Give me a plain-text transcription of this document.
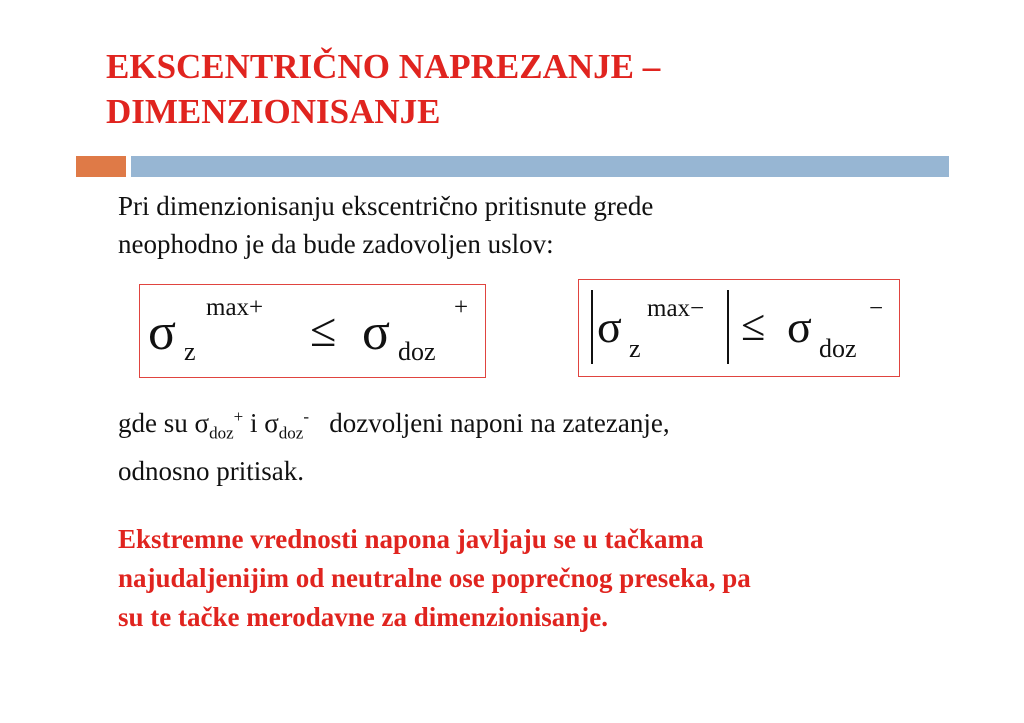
EKSCENTRIČNO NAPREZANJE –
DIMENZIONISANJE
Pri dimenzionisanju ekscentrično pritisnute grede
neophodno je da bude zadovoljen uslov:
σ z
max+ ≤ σ doz
+	σ z
max− ≤ σ doz
−
gde su $\sigma_{doz}^+$ i $\sigma_{doz}^-$   dozvoljeni naponi na zatezanje,
odnosno pritisak.
Ekstremne vrednosti napona javljaju se u tačkama
najudaljenijim od neutralne ose poprečnog preseka, pa
su te tačke merodavne za dimenzionisanje.
